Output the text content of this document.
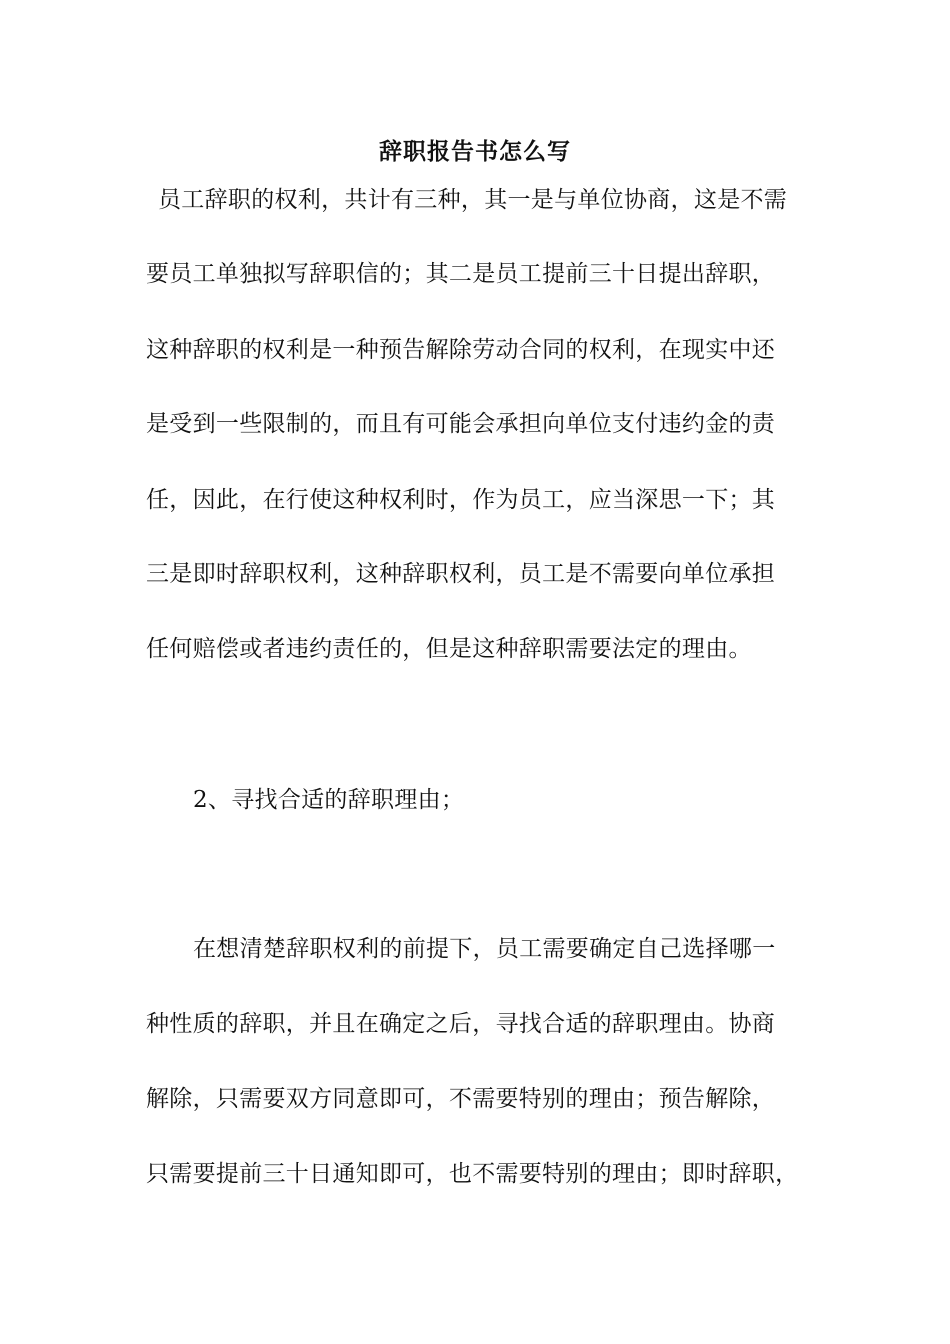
辞职报告书怎么写
员工辞职的权利，共计有三种，其一是与单位协商，这是不需
要员工单独拟写辞职信的；其二是员工提前三十日提出辞职，
这种辞职的权利是一种预告解除劳动合同的权利，在现实中还
是受到一些限制的，而且有可能会承担向单位支付违约金的责
任，因此，在行使这种权利时，作为员工，应当深思一下；其
三是即时辞职权利，这种辞职权利，员工是不需要向单位承担
任何赔偿或者违约责任的，但是这种辞职需要法定的理由。
2、寻找合适的辞职理由；
在想清楚辞职权利的前提下，员工需要确定自己选择哪一
种性质的辞职，并且在确定之后，寻找合适的辞职理由。协商
解除，只需要双方同意即可，不需要特别的理由；预告解除，
只需要提前三十日通知即可，也不需要特别的理由；即时辞职，
